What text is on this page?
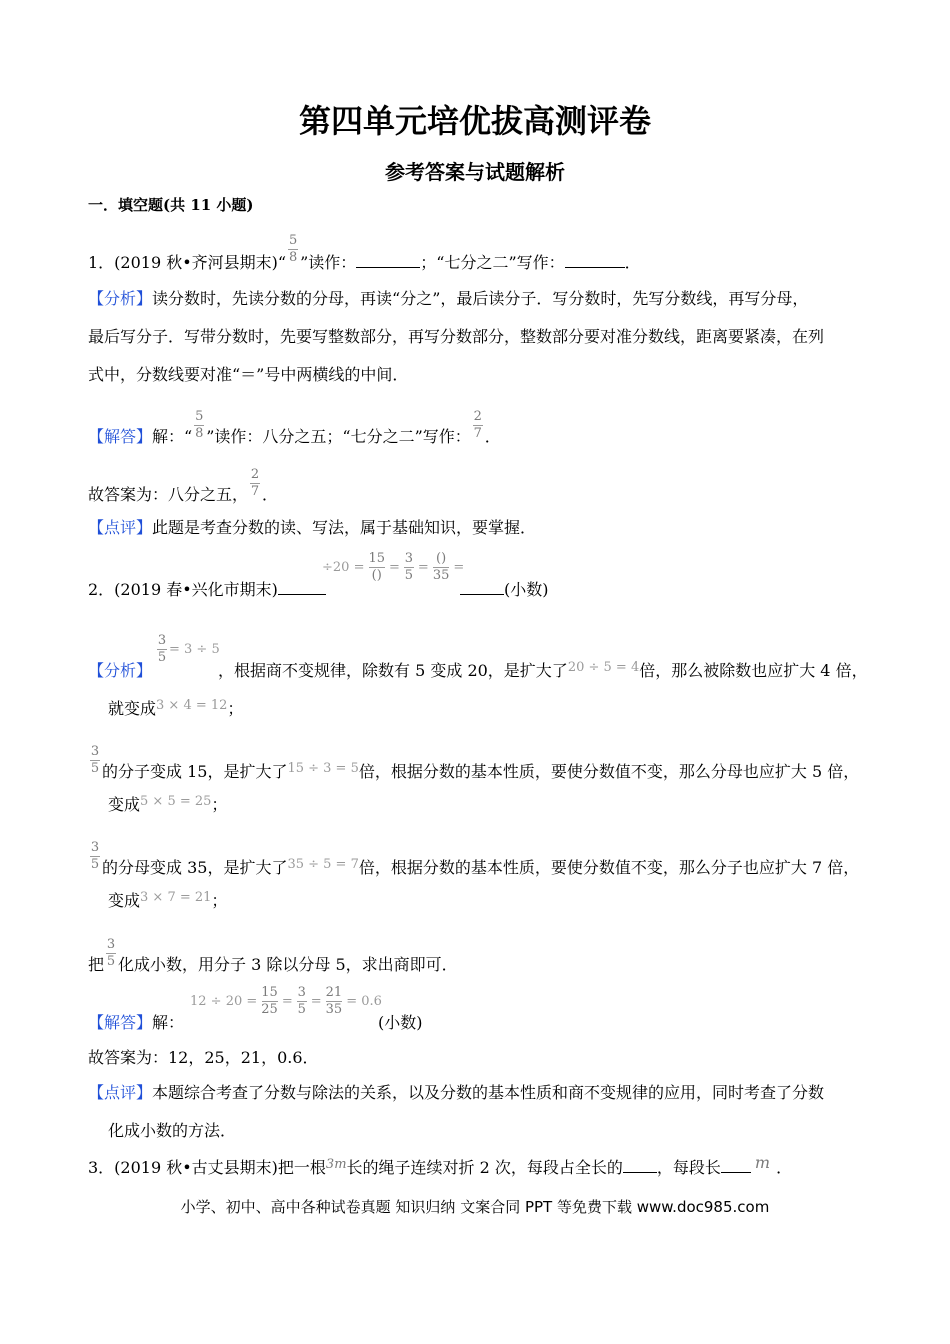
第四单元培优拔高测评卷
参考答案与试题解析
一．填空题(共 11 小题)
1．(2019 秋•齐河县期末)“ $\frac{5}{8}$ ”读作：	；“七分之二”写作：	．
【分析】读分数时，先读分数的分母，再读“分之”，最后读分子．写分数时，先写分数线，再写分母，
最后写分子．写带分数时，先要写整数部分，再写分数部分，整数部分要对准分数线，距离要紧凑，在列
式中，分数线要对准“＝”号中两横线的中间．
【解答】解：“ $\frac{5}{8}$ ”读作：八分之五；“七分之二”写作： $\frac{2}{7}$ ．
故答案为：八分之五， $\frac{2}{7}$ ．
【点评】此题是考查分数的读、写法，属于基础知识，要掌握．
2．(2019 春•兴化市期末)
$\div 20 = \frac{15}{()} = \frac{3}{5} = \frac{()}{35}$ =
(小数)
【分析】
$\frac{3}{5} = 3 \div 5$
，根据商不变规律，除数有 5 变成 20，是扩大了$^{20 \div 5 = 4}$倍，那么被除数也应扩大 4 倍，
就变成$^{3 \times 4 = 12}$；
$\frac{3}{5}$ 的分子变成 15，是扩大了$^{15 \div 3 = 5}$倍，根据分数的基本性质，要使分数值不变，那么分母也应扩大 5 倍，
变成$^{5 \times 5 = 25}$；
$\frac{3}{5}$ 的分母变成 35，是扩大了$^{35 \div 5 = 7}$倍，根据分数的基本性质，要使分数值不变，那么分子也应扩大 7 倍，
变成$^{3 \times 7 = 21}$；
把 $\frac{3}{5}$ 化成小数，用分子 3 除以分母 5，求出商即可．
【解答】解：
$12 \div 20 = \frac{15}{25} = \frac{3}{5} = \frac{21}{35} = 0.6$
(小数)
故答案为：12，25，21，0.6．
【点评】本题综合考查了分数与除法的关系，以及分数的基本性质和商不变规律的应用，同时考查了分数
化成小数的方法．
3．(2019 秋•古丈县期末)把一根$^{3m}$长的绳子连续对折 2 次，每段占全长的 ，每段长 m ．
小学、初中、高中各种试卷真题 知识归纳 文案合同 PPT 等免费下载 www.doc985.com
